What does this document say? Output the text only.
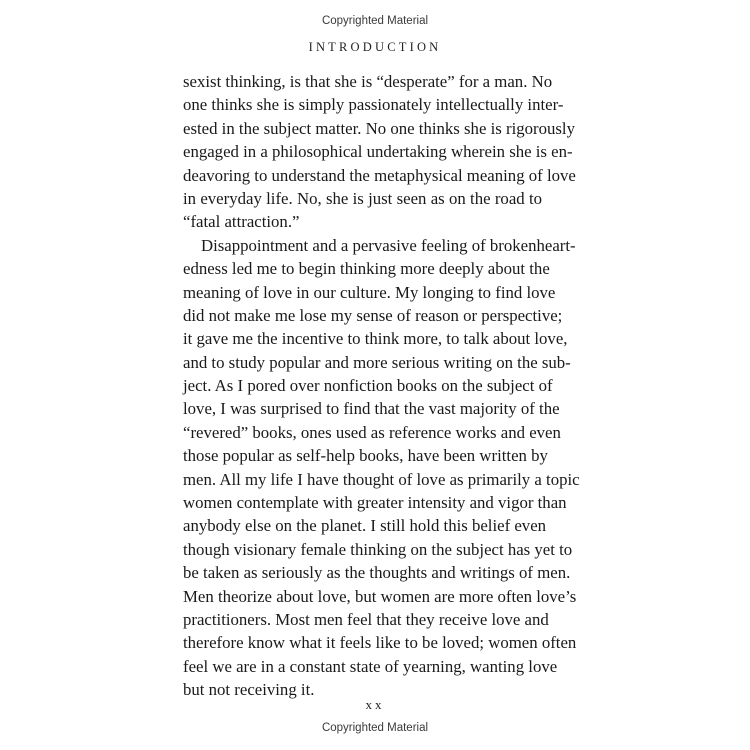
Copyrighted Material
INTRODUCTION

sexist thinking, is that she is “desperate” for a man. No
one thinks she is simply passionately intellectually inter-
ested in the subject matter. No one thinks she is rigorously
engaged in a philosophical undertaking wherein she is en-
deavoring to understand the metaphysical meaning of love
in everyday life. No, she is just seen as on the road to
“fatal attraction.”

Disappointment and a pervasive feeling of brokenheart-
edness led me to begin thinking more deeply about the
meaning of love in our culture. My longing to find love
did not make me lose my sense of reason or perspective;
it gave me the incentive to think more, to talk about love,
and to study popular and more serious writing on the sub-
ject. As I pored over nonfiction books on the subject of
love, I was surprised to find that the vast majority of the
“revered” books, ones used as reference works and even
those popular as self-help books, have been written by
men. All my life I have thought of love as primarily a topic
women contemplate with greater intensity and vigor than
anybody else on the planet. I still hold this belief even
though visionary female thinking on the subject has yet to
be taken as seriously as the thoughts and writings of men.
Men theorize about love, but women are more often love’s
practitioners. Most men feel that they receive love and
therefore know what it feels like to be loved; women often
feel we are in a constant state of yearning, wanting love
but not receiving it.

xx
Copyrighted Material
